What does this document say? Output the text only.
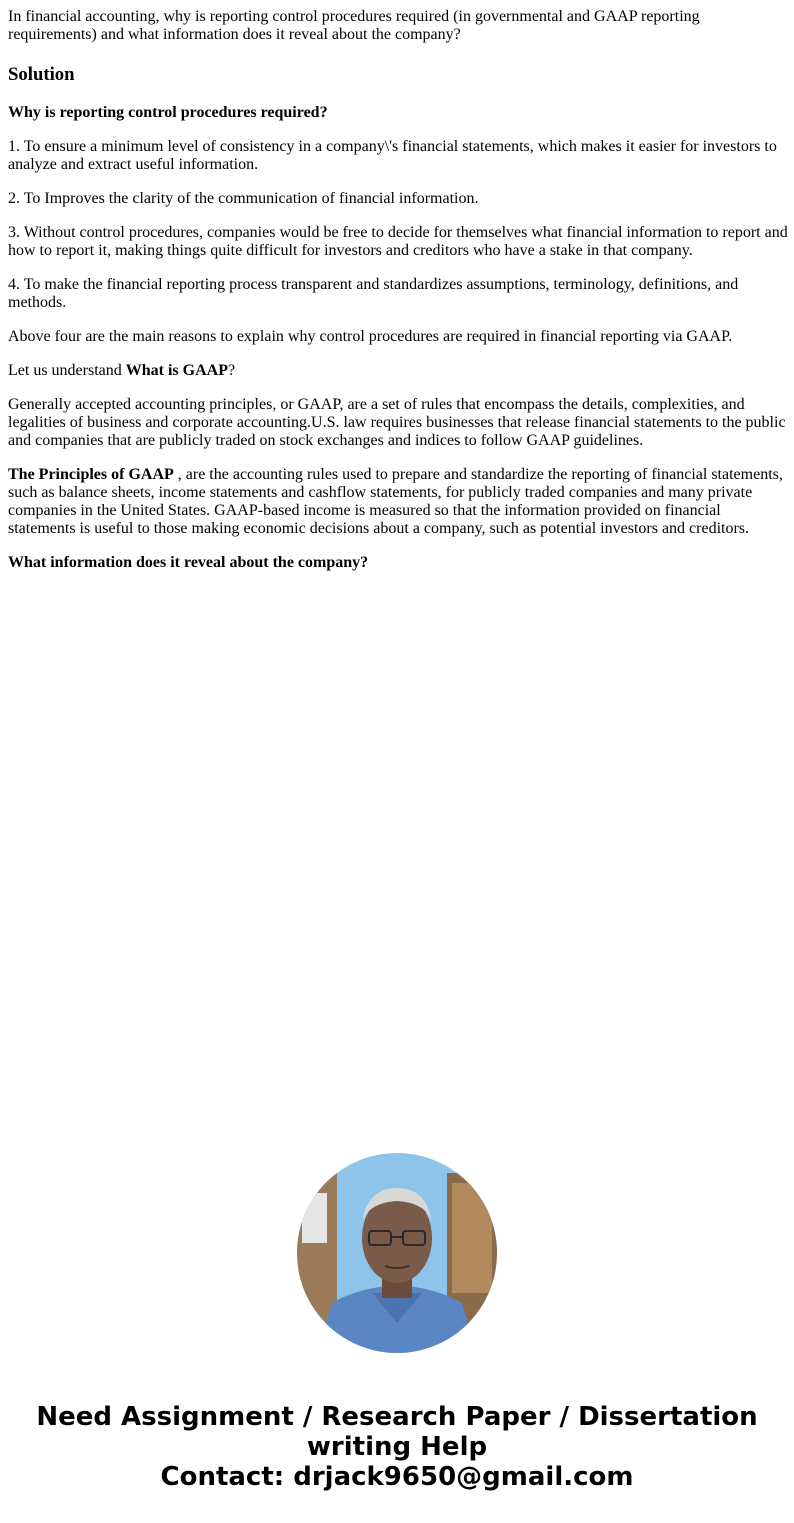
In financial accounting, why is reporting control procedures required (in governmental and GAAP reporting requirements) and what information does it reveal about the company?

Solution

Why is reporting control procedures required?

1. To ensure a minimum level of consistency in a company\'s financial statements, which makes it easier for investors to analyze and extract useful information.

2. To Improves the clarity of the communication of financial information.

3. Without control procedures, companies would be free to decide for themselves what financial information to report and how to report it, making things quite difficult for investors and creditors who have a stake in that company.

4. To make the financial reporting process transparent and standardizes assumptions, terminology, definitions, and methods.

Above four are the main reasons to explain why control procedures are required in financial reporting via GAAP.

Let us understand What is GAAP?

Generally accepted accounting principles, or GAAP, are a set of rules that encompass the details, complexities, and legalities of business and corporate accounting.U.S. law requires businesses that release financial statements to the public and companies that are publicly traded on stock exchanges and indices to follow GAAP guidelines.

The Principles of GAAP , are the accounting rules used to prepare and standardize the reporting of financial statements, such as balance sheets, income statements and cashflow statements, for publicly traded companies and many private companies in the United States. GAAP-based income is measured so that the information provided on financial statements is useful to those making economic decisions about a company, such as potential investors and creditors.

What information does it reveal about the company?

Need Assignment / Research Paper / Dissertation writing Help
Contact: drjack9650@gmail.com
